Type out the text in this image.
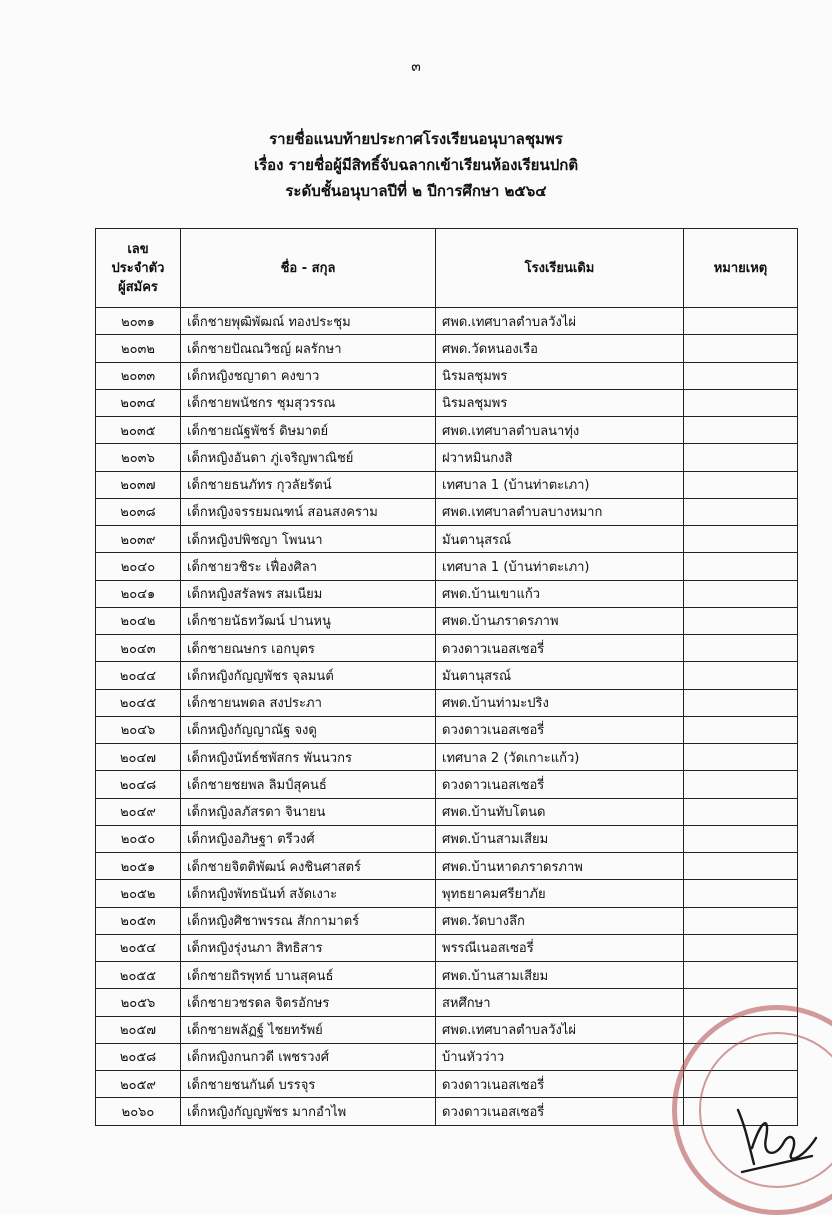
๓
รายชื่อแนบท้ายประกาศโรงเรียนอนุบาลชุมพร
เรื่อง รายชื่อผู้มีสิทธิ์จับฉลากเข้าเรียนห้องเรียนปกติ
ระดับชั้นอนุบาลปีที่ ๒ ปีการศึกษา ๒๕๖๔
เลข
ประจำตัว
ผู้สมัคร	ชื่อ - สกุล	โรงเรียนเดิม	หมายเหตุ
๒๐๓๑	เด็กชายพุฒิพัฒณ์ ทองประชุม	ศพด.เทศบาลตำบลวังไผ่	
๒๐๓๒	เด็กชายปัณณวิชญ์ ผลรักษา	ศพด.วัดหนองเรือ	
๒๐๓๓	เด็กหญิงชญาดา คงขาว	นิรมลชุมพร	
๒๐๓๔	เด็กชายพนัชกร ชุมสุวรรณ	นิรมลชุมพร	
๒๐๓๕	เด็กชายณัฐพัชร์ ดิษมาตย์	ศพด.เทศบาลตำบลนาทุ่ง	
๒๐๓๖	เด็กหญิงอันดา ภู่เจริญพาณิชย์	ฝวาหมินกงสิ	
๒๐๓๗	เด็กชายธนภัทร กุวลัยรัตน์	เทศบาล 1 (บ้านท่าตะเภา)	
๒๐๓๘	เด็กหญิงจรรยมณฑน์ สอนสงคราม	ศพด.เทศบาลตำบลบางหมาก	
๒๐๓๙	เด็กหญิงปพิชญา โพนนา	มันตานุสรณ์	
๒๐๔๐	เด็กชายวชิระ เฟื่องศิลา	เทศบาล 1 (บ้านท่าตะเภา)	
๒๐๔๑	เด็กหญิงสรัลพร สมเนียม	ศพด.บ้านเขาแก้ว	
๒๐๔๒	เด็กชายนัธทวัฒน์ ปานหนู	ศพด.บ้านภราดรภาพ	
๒๐๔๓	เด็กชายณษกร เอกบุตร	ดวงดาวเนอสเซอรี่	
๒๐๔๔	เด็กหญิงกัญญพัชร จุลมนต์	มันตานุสรณ์	
๒๐๔๕	เด็กชายนพดล สงประภา	ศพด.บ้านท่ามะปริง	
๒๐๔๖	เด็กหญิงกัญญาณัฐ จงดู	ดวงดาวเนอสเซอรี่	
๒๐๔๗	เด็กหญิงนัทธ์ชพัสกร พันนวกร	เทศบาล 2 (วัดเกาะแก้ว)	
๒๐๔๘	เด็กชายชยพล ลิมป์สุคนธ์	ดวงดาวเนอสเซอรี่	
๒๐๔๙	เด็กหญิงลภัสรดา จินายน	ศพด.บ้านทับโตนด	
๒๐๕๐	เด็กหญิงอภิษฐา ตรีวงศ์	ศพด.บ้านสามเสียม	
๒๐๕๑	เด็กชายจิตติพัฒน์ คงชินศาสตร์	ศพด.บ้านหาดภราดรภาพ	
๒๐๕๒	เด็กหญิงพัทธนันท์ สงัดเงาะ	พุทธยาคมศรียาภัย	
๒๐๕๓	เด็กหญิงศิชาพรรณ สักกามาตร์	ศพด.วัดบางลึก	
๒๐๕๔	เด็กหญิงรุ่งนภา สิทธิสาร	พรรณีเนอสเซอรี่	
๒๐๕๕	เด็กชายถิรพุทธ์ บานสุคนธ์	ศพด.บ้านสามเสียม	
๒๐๕๖	เด็กชายวชรดล จิตรอักษร	สหศึกษา	
๒๐๕๗	เด็กชายพลัฏฐ์ ไชยทรัพย์	ศพด.เทศบาลตำบลวังไผ่	
๒๐๕๘	เด็กหญิงกนกวดี เพชรวงศ์	บ้านหัวว่าว	
๒๐๕๙	เด็กชายชนกันต์ บรรจุร	ดวงดาวเนอสเซอรี่	
๒๐๖๐	เด็กหญิงกัญญพัชร มากอำไพ	ดวงดาวเนอสเซอรี่	
